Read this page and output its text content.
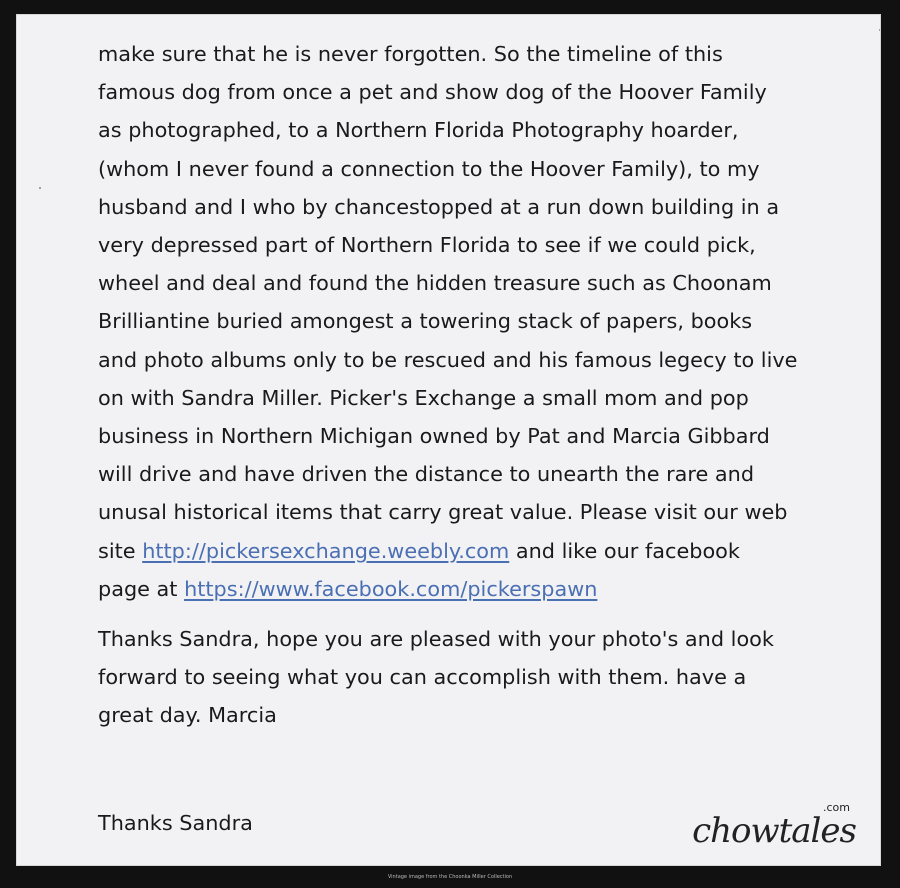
make sure that he is never forgotten. So the timeline of this
famous dog from once a pet and show dog of the Hoover Family
as photographed, to a Northern Florida Photography hoarder,
(whom I never found a connection to the Hoover Family), to my
husband and I who by chancestopped at a run down building in a
very depressed part of Northern Florida to see if we could pick,
wheel and deal and found the hidden treasure such as Choonam
Brilliantine buried amongest a towering stack of papers, books
and photo albums only to be rescued and his famous legecy to live
on with Sandra Miller. Picker's Exchange a small mom and pop
business in Northern Michigan owned by Pat and Marcia Gibbard
will drive and have driven the distance to unearth the rare and
unusal historical items that carry great value. Please visit our web
site http://pickersexchange.weebly.com and like our facebook
page at https://www.facebook.com/pickerspawn
Thanks Sandra, hope you are pleased with your photo's and look
forward to seeing what you can accomplish with them. have a
great day. Marcia
Thanks Sandra
.com
chowtales
Vintage image from the Choonka Miller Collection
